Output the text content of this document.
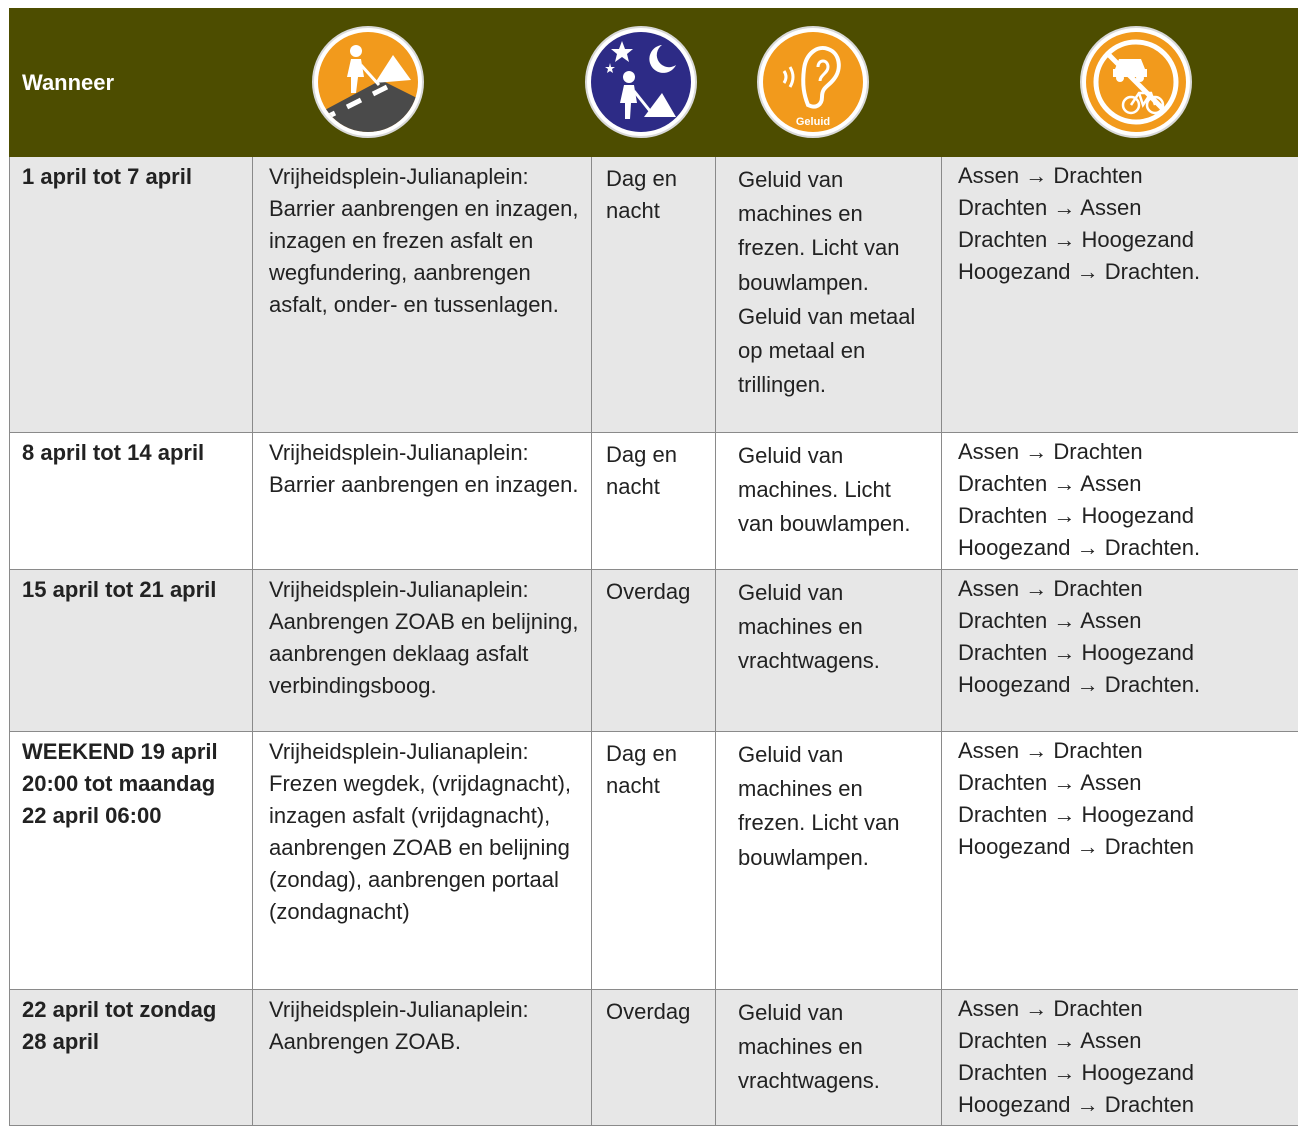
Wanneer			Geluid

1 april tot 7 april	Vrijheidsplein-Julianaplein: Barrier aanbrengen en inzagen, inzagen en frezen asfalt en wegfundering, aanbrengen asfalt, onder- en tussenlagen.	Dag en nacht	Geluid van machines en frezen. Licht van bouwlampen. Geluid van metaal op metaal en trillingen.	Assen → Drachten
Drachten → Assen
Drachten → Hoogezand
Hoogezand → Drachten.

8 april tot 14 april	Vrijheidsplein-Julianaplein: Barrier aanbrengen en inzagen.	Dag en nacht	Geluid van machines. Licht van bouwlampen.	Assen → Drachten
Drachten → Assen
Drachten → Hoogezand
Hoogezand → Drachten.

15 april tot 21 april	Vrijheidsplein-Julianaplein: Aanbrengen ZOAB en belijning, aanbrengen deklaag asfalt verbindingsboog.	Overdag	Geluid van machines en vrachtwagens.	Assen → Drachten
Drachten → Assen
Drachten → Hoogezand
Hoogezand → Drachten.

WEEKEND 19 april 20:00 tot maandag 22 april 06:00	Vrijheidsplein-Julianaplein: Frezen wegdek, (vrijdagnacht), inzagen asfalt (vrijdagnacht), aanbrengen ZOAB en belijning (zondag), aanbrengen portaal (zondagnacht)	Dag en nacht	Geluid van machines en frezen. Licht van bouwlampen.	Assen → Drachten
Drachten → Assen
Drachten → Hoogezand
Hoogezand → Drachten

22 april tot zondag 28 april	Vrijheidsplein-Julianaplein: Aanbrengen ZOAB.	Overdag	Geluid van machines en vrachtwagens.	Assen → Drachten
Drachten → Assen
Drachten → Hoogezand
Hoogezand → Drachten
